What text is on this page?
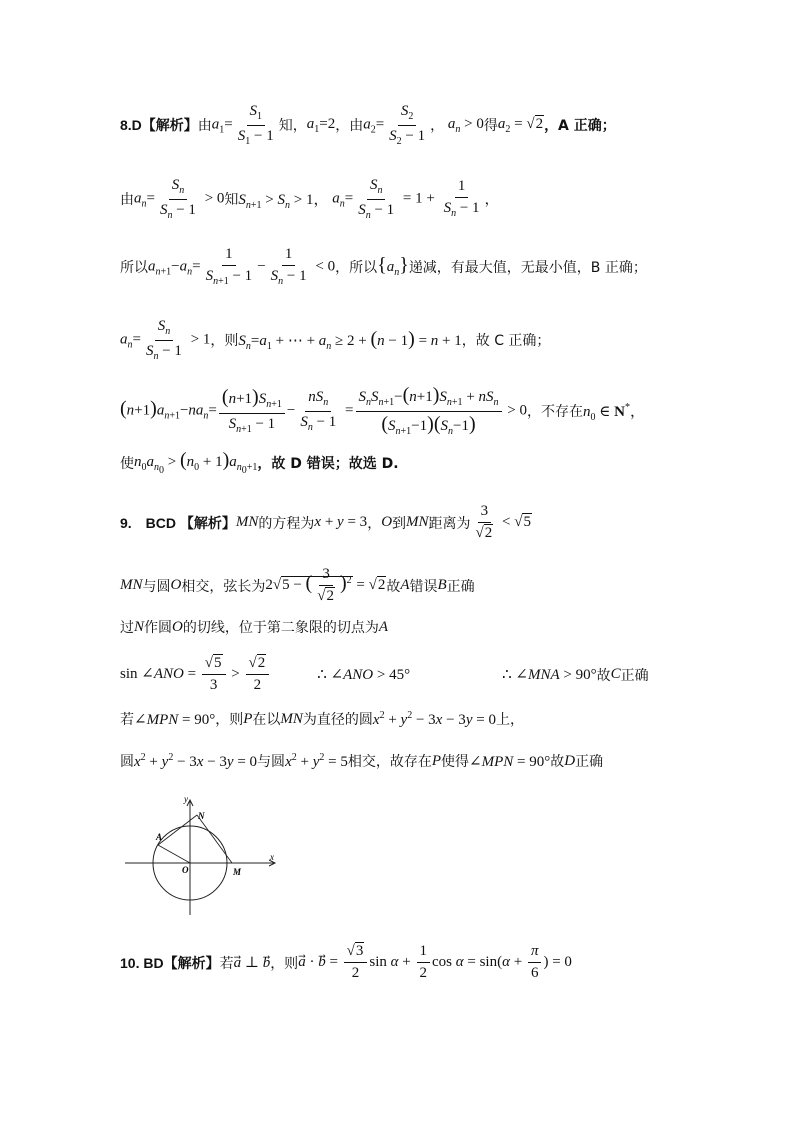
8.D【解析】 由 $a_1= \frac{S_1}{S_1 - 1}$ 知， $a_1=2$ ，由 $a_2= \frac{S_2}{S_2 - 1}$ ， $a_n > 0$ 得 $a_2 = √2$ ，A 正确；
由 $a_n= \frac{S_n}{S_n - 1} > 0$ 知 $S_{n+1} > S_n > 1$， $a_n= \frac{S_n}{S_n - 1} = 1 + \frac{1}{S_n - 1}$ ，
所以 $a_{n+1}-a_n= \frac{1}{S_{n+1} - 1} - \frac{1}{S_n - 1} < 0$ ，所以 $\{a_n\}$ 递减，有最大值，无最小值，B 正确；
$a_n= \frac{S_n}{S_n - 1} > 1$ ，则 $S_n=a_1$ + ⋯ + $a_n \ge 2 + (n - 1) = n + 1$ ，故 C 正确；
$(n+1)a_{n+1}-na_n= \frac{(n+1)S_{n+1}}{S_{n+1} - 1} - \frac{nS_n}{S_n - 1} = \frac{S_nS_{n+1}-(n+1)S_{n+1} + nS_n}{(S_{n+1}-1)(S_n-1)} > 0$ ，不存在 $n_0$ ∈ N*，
使 $n_0a_{n_0} > (n_0 + 1)a_{n_0+1}$ ，故 D 错误；故选 D.
9.　BCD 【解析】 MN 的方程为 x + y = 3 ， O 到 MN 距离为 $\frac{3}{√2} < √5$
MN 与圆 O 相交，弦长为 2√5 − ( $\frac{3}{√2} )^2 = √2$ 故 A 错误 B 正确
过 N 作圆 O 的切线，位于第二象限的切点为 A
sin ∠ANO = $\frac{√5}{3} > \frac{√2}{2}$	∴ ∠ANO > 45°	∴ ∠MNA > 90° 故 C 正确
若 ∠MPN = 90° ，则 P 在以 MN 为直径的圆 $x^2 + y^2 - 3x - 3y = 0$ 上，
圆 $x^2 + y^2 - 3x - 3y = 0$ 与圆 $x^2 + y^2 = 5$ 相交，故存在 P 使得 ∠MPN = 90° 故 D 正确
y
x
N
A
O	M
10. BD【解析】 若 a⃗ ⊥ b ，则 a⃗ · b⃗ = $\frac{√3}{2}$ $\sin \alpha + \frac{1}{2}$ $\cos \alpha = \sin(\alpha + \frac{\pi}{6}$ ) = 0
